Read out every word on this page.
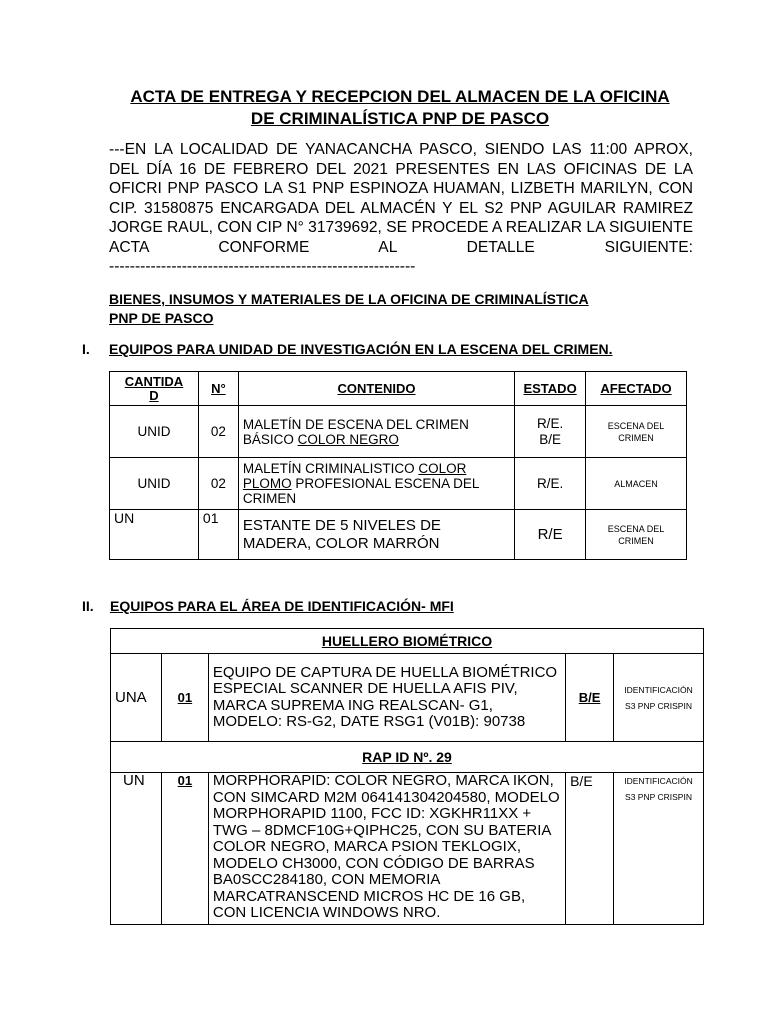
ACTA DE ENTREGA Y RECEPCION DEL ALMACEN DE LA OFICINA
DE CRIMINALÍSTICA PNP DE PASCO
---EN LA LOCALIDAD DE YANACANCHA PASCO, SIENDO LAS 11:00 APROX, DEL DÍA 16 DE FEBRERO DEL 2021 PRESENTES EN LAS OFICINAS DE LA OFICRI PNP PASCO LA S1 PNP ESPINOZA HUAMAN, LIZBETH MARILYN, CON CIP. 31580875 ENCARGADA DEL ALMACÉN Y EL S2 PNP AGUILAR RAMIREZ JORGE RAUL, CON CIP N° 31739692, SE PROCEDE A REALIZAR LA SIGUIENTE ACTA CONFORME AL DETALLE SIGUIENTE:
-----------------------------------------------------------
BIENES, INSUMOS Y MATERIALES DE LA OFICINA DE CRIMINALÍSTICA
PNP DE PASCO
I. EQUIPOS PARA UNIDAD DE INVESTIGACIÓN EN LA ESCENA DEL CRIMEN.
CANTIDAD	N°	CONTENIDO	ESTADO	AFECTADO
UNID	02	MALETÍN DE ESCENA DEL CRIMEN BÁSICO COLOR NEGRO	R/E. B/E	ESCENA DEL CRIMEN

UNID	02	MALETÍN CRIMINALISTICO COLOR PLOMO PROFESIONAL ESCENA DEL CRIMEN	R/E.	ALMACEN
UN	01	ESTANTE DE 5 NIVELES DE MADERA, COLOR MARRÓN	R/E	ESCENA DEL CRIMEN
II. EQUIPOS PARA EL ÁREA DE IDENTIFICACIÓN- MFI
HUELLERO BIOMÉTRICO				
UNA	01	EQUIPO DE CAPTURA DE HUELLA BIOMÉTRICO ESPECIAL SCANNER DE HUELLA AFIS PIV, MARCA SUPREMA ING REALSCAN- G1, MODELO: RS-G2, DATE RSG1 (V01B): 90738	B/E	IDENTIFICACIÓN S3 PNP CRISPIN
RAP ID Nº. 29				
UN	01	MORPHORAPID: COLOR NEGRO, MARCA IKON, CON SIMCARD M2M 064141304204580, MODELO MORPHORAPID 1100, FCC ID: XGKHR11XX + TWG – 8DMCF10G+QIPHC25, CON SU BATERIA COLOR NEGRO, MARCA PSION TEKLOGIX, MODELO CH3000, CON CÓDIGO DE BARRAS BA0SCC284180, CON MEMORIA MARCATRANSCEND MICROS HC DE 16 GB, CON LICENCIA WINDOWS NRO.	B/E	IDENTIFICACIÓN S3 PNP CRISPIN
